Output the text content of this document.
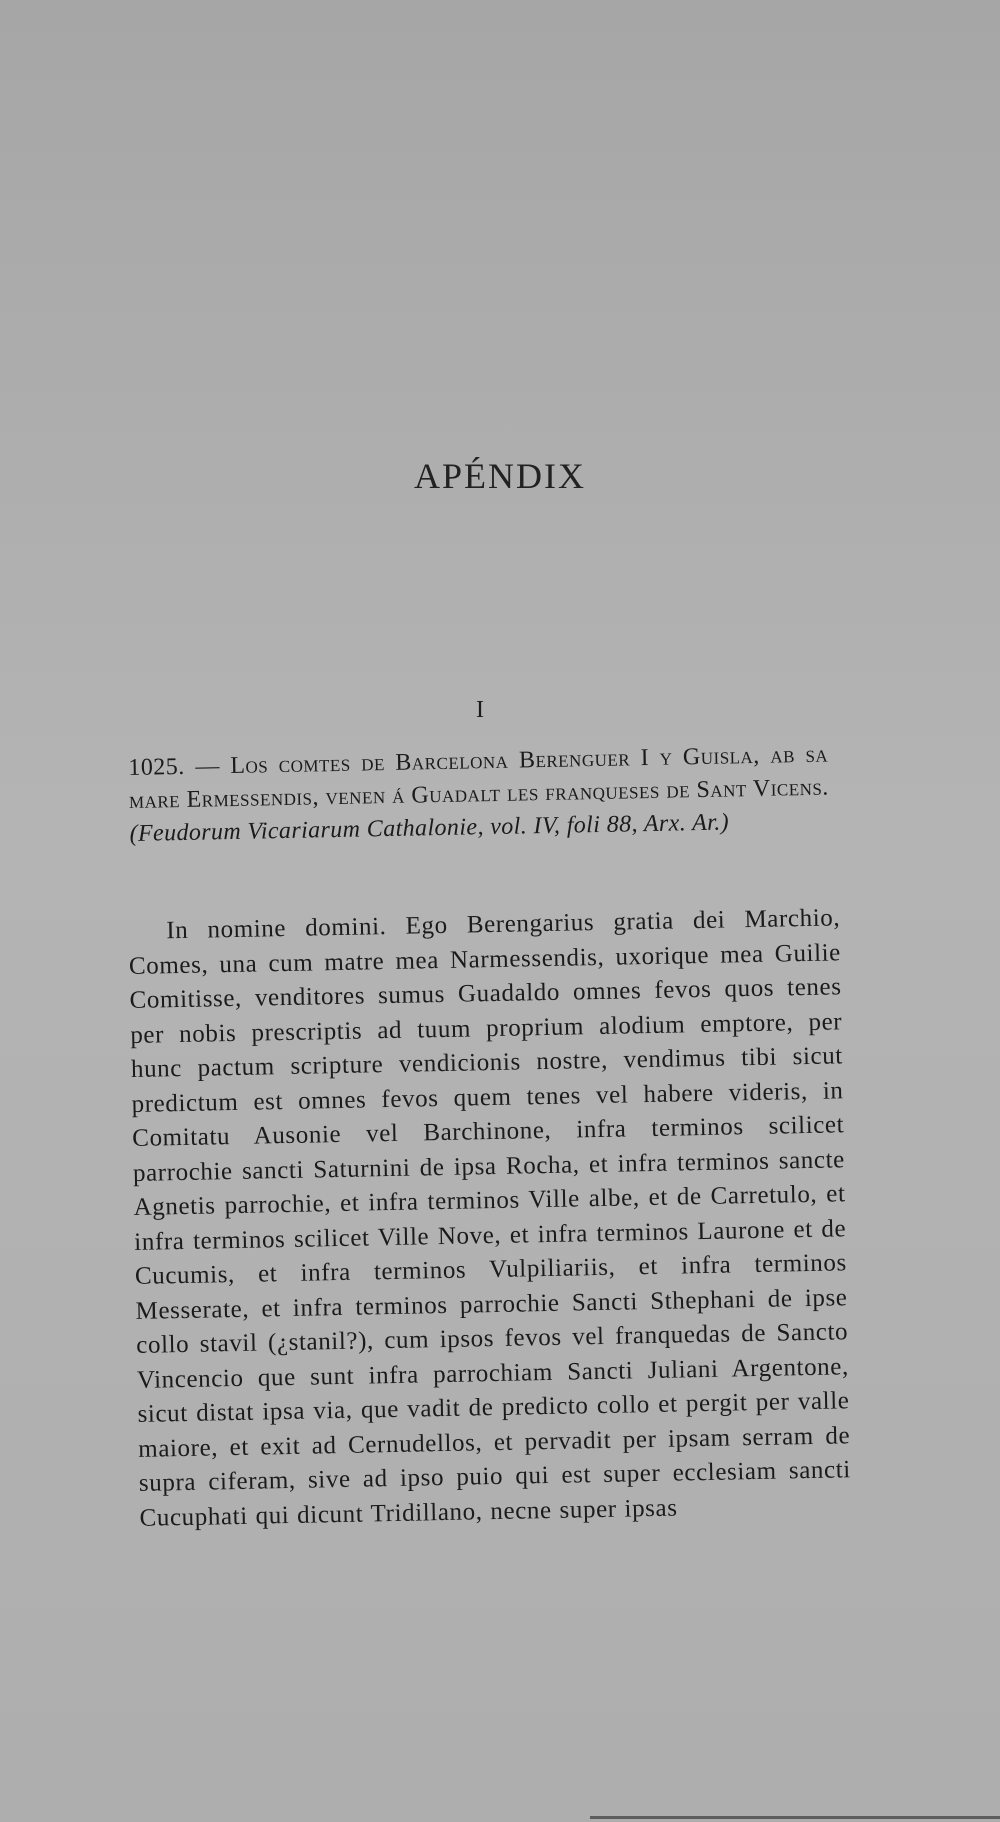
APÉNDIX
I
1025. — Los comtes de Barcelona Berenguer I y Guisla, ab sa mare Ermessendis, venen á Guadalt les franqueses de Sant Vicens. (Feudorum Vicariarum Cathalonie, vol. IV, foli 88, Arx. Ar.)
In nomine domini. Ego Berengarius gratia dei Marchio, Comes, una cum matre mea Narmessendis, uxorique mea Guilie Comitisse, venditores sumus Guadaldo omnes fevos quos tenes per nobis prescriptis ad tuum proprium alodium emptore, per hunc pactum scripture vendicionis nostre, vendimus tibi sicut predictum est omnes fevos quem tenes vel habere videris, in Comitatu Ausonie vel Barchinone, infra terminos scilicet parrochie sancti Saturnini de ipsa Rocha, et infra terminos sancte Agnetis parrochie, et infra terminos Ville albe, et de Carretulo, et infra terminos scilicet Ville Nove, et infra terminos Laurone et de Cucumis, et infra terminos Vulpiliariis, et infra terminos Messerate, et infra terminos parrochie Sancti Sthephani de ipse collo stavil (¿stanil?), cum ipsos fevos vel franquedas de Sancto Vincencio que sunt infra parrochiam Sancti Juliani Argentone, sicut distat ipsa via, que vadit de predicto collo et pergit per valle maiore, et exit ad Cernudellos, et pervadit per ipsam serram de supra ciferam, sive ad ipso puio qui est super ecclesiam sancti Cucuphati qui dicunt Tridillano, necne super ipsas
